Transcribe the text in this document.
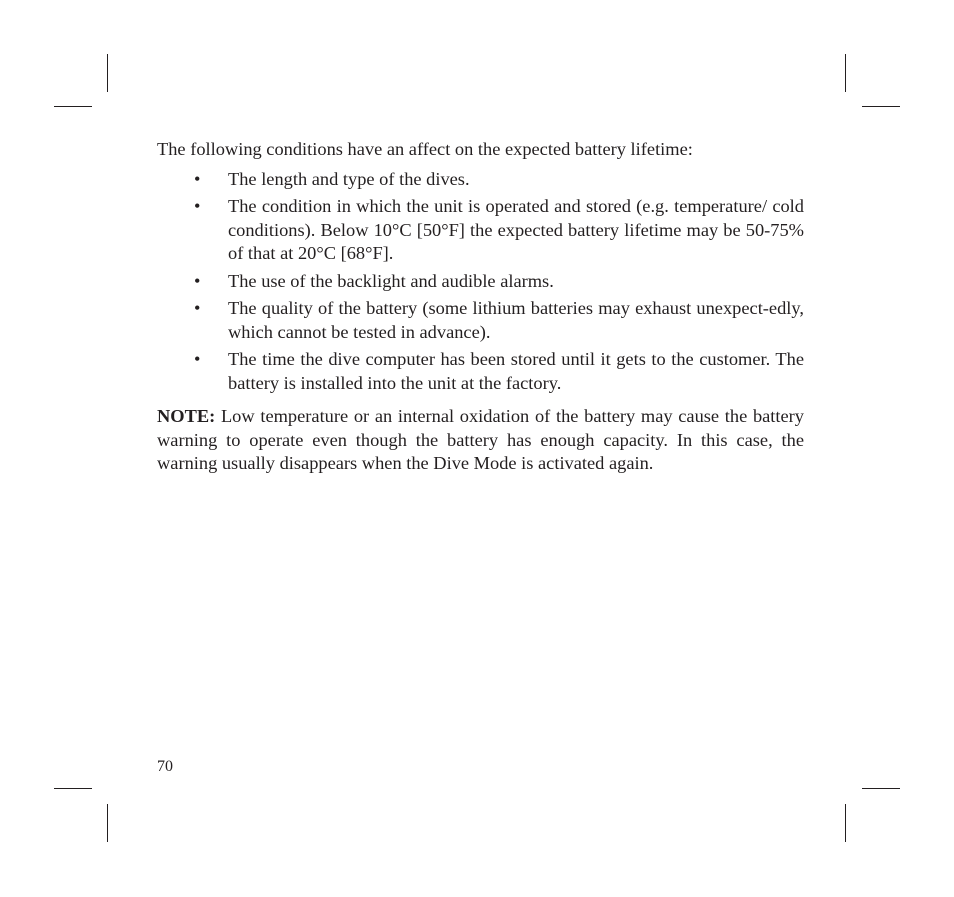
The following conditions have an affect on the expected battery lifetime:

• The length and type of the dives.
• The condition in which the unit is operated and stored (e.g. temperature/ cold conditions). Below 10°C [50°F] the expected battery lifetime may be 50-75% of that at 20°C [68°F].
• The use of the backlight and audible alarms.
• The quality of the battery (some lithium batteries may exhaust unexpect-edly, which cannot be tested in advance).
• The time the dive computer has been stored until it gets to the customer. The battery is installed into the unit at the factory.

NOTE: Low temperature or an internal oxidation of the battery may cause the battery warning to operate even though the battery has enough capacity. In this case, the warning usually disappears when the Dive Mode is activated again.

70
